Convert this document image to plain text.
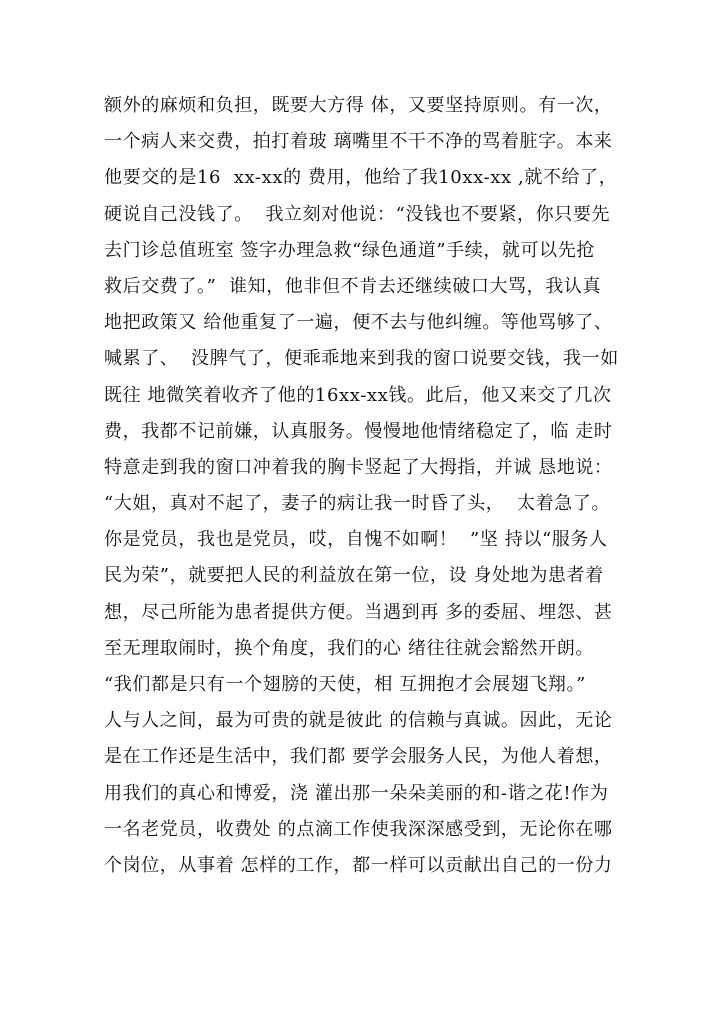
额外的麻烦和负担，既要大方得 体，又要坚持原则。有一次，
一个病人来交费，拍打着玻 璃嘴里不干不净的骂着脏字。本来
他要交的是16  xx-xx的 费用，他给了我10xx-xx ,就不给了，
硬说自己没钱了。  我立刻对他说：“没钱也不要紧，你只要先
去门诊总值班室 签字办理急救“绿色通道”手续，就可以先抢
救后交费了。”  谁知，他非但不肯去还继续破口大骂，我认真
地把政策又 给他重复了一遍，便不去与他纠缠。等他骂够了、
喊累了、  没脾气了，便乖乖地来到我的窗口说要交钱，我一如
既往 地微笑着收齐了他的16xx-xx钱。此后，他又来交了几次
费，我都不记前嫌，认真服务。慢慢地他情绪稳定了，临 走时
特意走到我的窗口冲着我的胸卡竖起了大拇指，并诚 恳地说：
“大姐，真对不起了，妻子的病让我一时昏了头，  太着急了。
你是党员，我也是党员，哎，自愧不如啊！  ”坚 持以“服务人
民为荣”，就要把人民的利益放在第一位，设 身处地为患者着
想，尽己所能为患者提供方便。当遇到再 多的委屈、埋怨、甚
至无理取闹时，换个角度，我们的心 绪往往就会豁然开朗。
“我们都是只有一个翅膀的天使，相 互拥抱才会展翅飞翔。”
人与人之间，最为可贵的就是彼此 的信赖与真诚。因此，无论
是在工作还是生活中，我们都 要学会服务人民，为他人着想，
用我们的真心和博爱，浇 灌出那一朵朵美丽的和-谐之花!作为
一名老党员，收费处 的点滴工作使我深深感受到，无论你在哪
个岗位，从事着 怎样的工作，都一样可以贡献出自己的一份力
